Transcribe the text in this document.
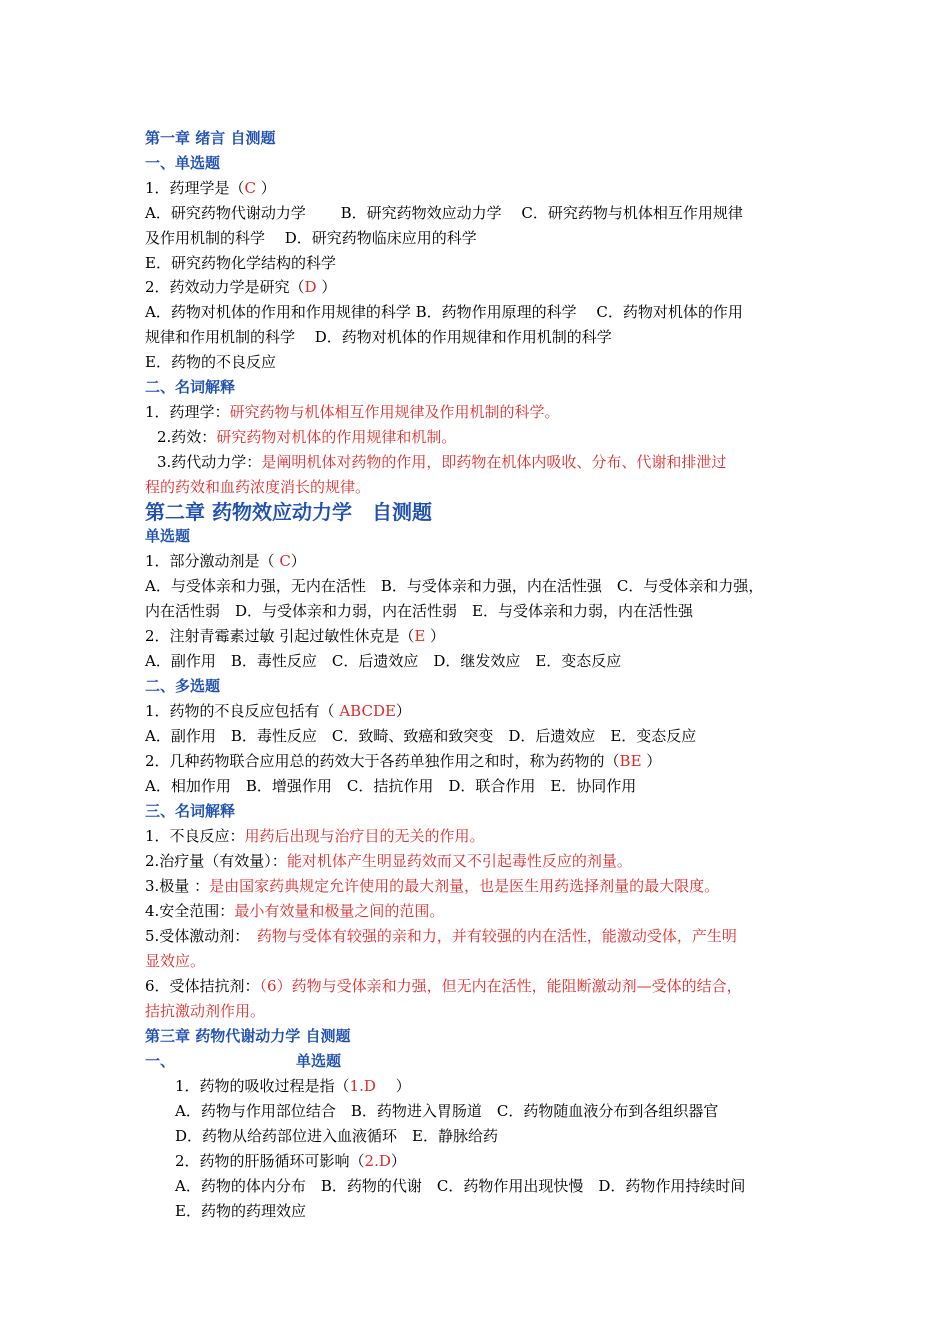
第一章 绪言 自测题
一、单选题
1．药理学是（C ）
A．研究药物代谢动力学　　 B．研究药物效应动力学　 C．研究药物与机体相互作用规律
及作用机制的科学　 D．研究药物临床应用的科学
E．研究药物化学结构的科学
2．药效动力学是研究（D ）
A．药物对机体的作用和作用规律的科学 B．药物作用原理的科学　 C．药物对机体的作用
规律和作用机制的科学　 D．药物对机体的作用规律和作用机制的科学
E．药物的不良反应
二、名词解释
1．药理学：研究药物与机体相互作用规律及作用机制的科学。
2.药效：研究药物对机体的作用规律和机制。
3.药代动力学：是阐明机体对药物的作用，即药物在机体内吸收、分布、代谢和排泄过
程的药效和血药浓度消长的规律。
第二章 药物效应动力学　自测题
单选题
1．部分激动剂是（ C）
A．与受体亲和力强，无内在活性　B．与受体亲和力强，内在活性强　C．与受体亲和力强，
内在活性弱　D．与受体亲和力弱，内在活性弱　E．与受体亲和力弱，内在活性强
2．注射青霉素过敏 引起过敏性休克是（E ）
A．副作用　B．毒性反应　C．后遗效应　D．继发效应　E．变态反应
二、多选题
1．药物的不良反应包括有（ ABCDE）
A．副作用　B．毒性反应　C．致畸、致癌和致突变　D．后遗效应　E．变态反应
2．几种药物联合应用总的药效大于各药单独作用之和时，称为药物的（BE ）
A．相加作用　B．增强作用　C．拮抗作用　D．联合作用　E．协同作用
三、名词解释
1．不良反应：用药后出现与治疗目的无关的作用。
2.治疗量（有效量）：能对机体产生明显药效而又不引起毒性反应的剂量。
3.极量 ：是由国家药典规定允许使用的最大剂量，也是医生用药选择剂量的最大限度。
4.安全范围：最小有效量和极量之间的范围。
5.受体激动剂：　药物与受体有较强的亲和力，并有较强的内在活性，能激动受体，产生明
显效应。
6．受体拮抗剂：（6）药物与受体亲和力强，但无内在活性，能阻断激动剂—受体的结合，
拮抗激动剂作用。
第三章 药物代谢动力学 自测题
一、	单选题
1．药物的吸收过程是指（1.D　 ）
A．药物与作用部位结合　B．药物进入胃肠道　C．药物随血液分布到各组织器官
D．药物从给药部位进入血液循环　E．静脉给药
2．药物的肝肠循环可影响（2.D）
A．药物的体内分布　B．药物的代谢　C．药物作用出现快慢　D．药物作用持续时间
E．药物的药理效应
